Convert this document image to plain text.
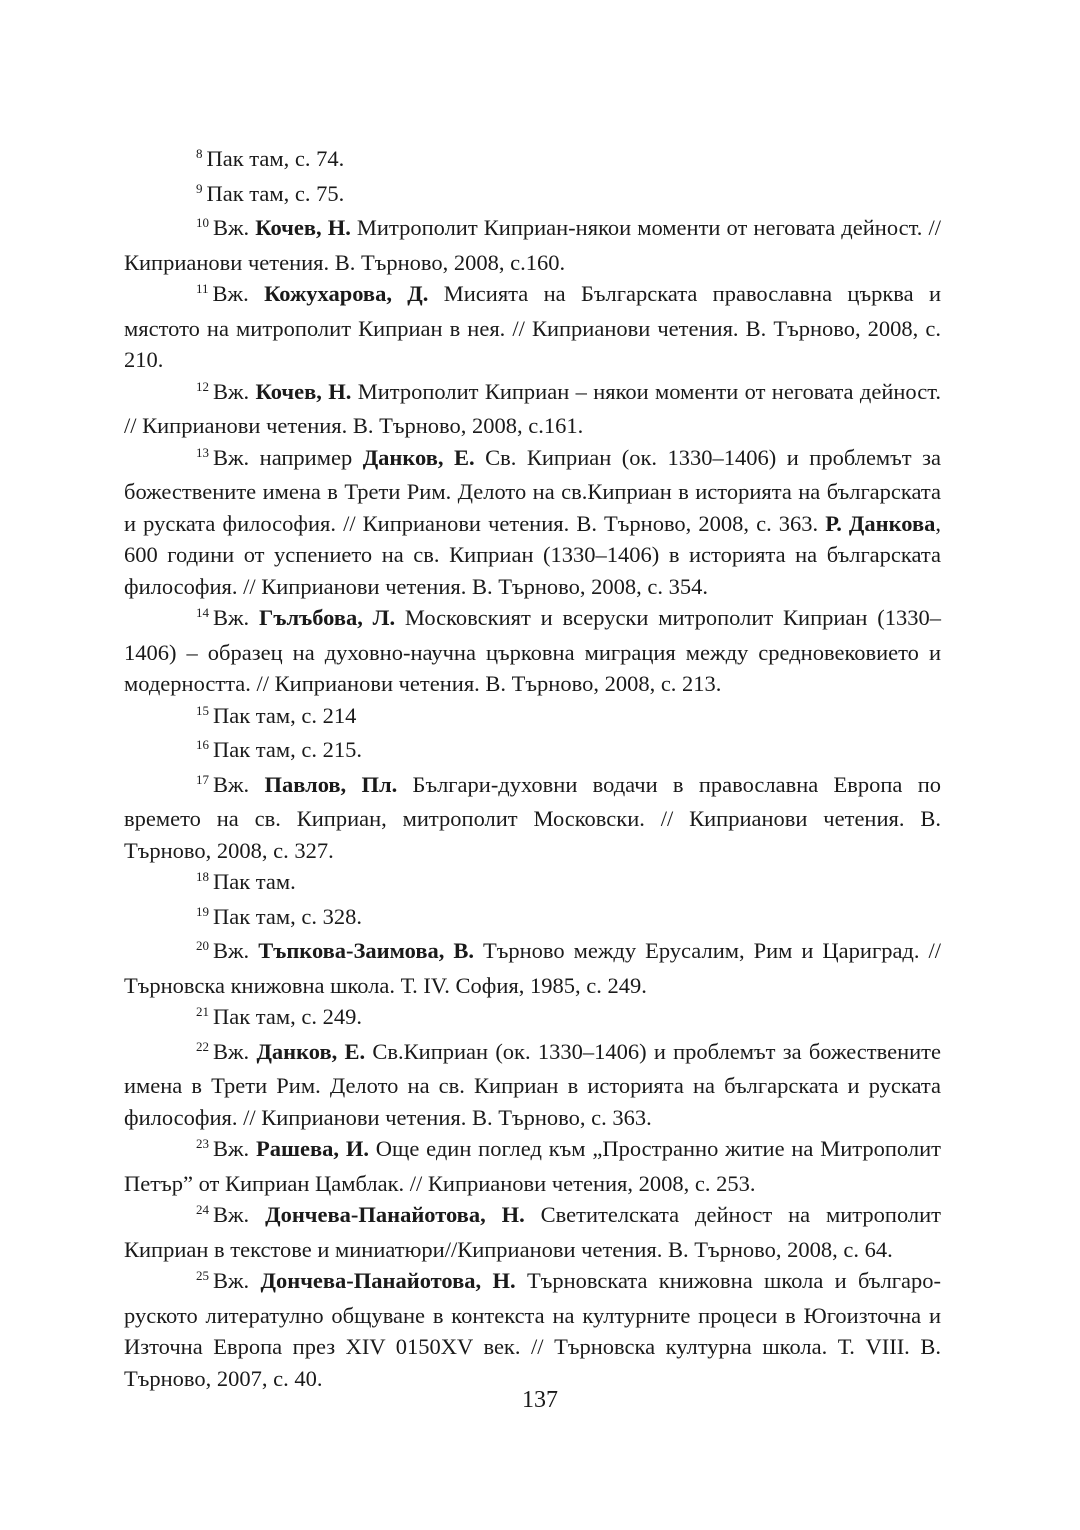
$^8$ Пак там, с. 74.

$^9$ Пак там, с. 75.

$^{10}$ Вж. Кочев, Н. Митрополит Киприан-някои моменти от неговата дейност. // Киприанови четения. В. Търново, 2008, с.160.

$^{11}$ Вж. Кожухарова, Д. Мисията на Българската православна църква и мястото на митрополит Киприан в нея. // Киприанови четения. В. Търново, 2008, с. 210.

$^{12}$ Вж. Кочев, Н. Митрополит Киприан – някои моменти от неговата дейност. // Киприанови четения. В. Търново, 2008, с.161.

$^{13}$ Вж. например Данков, Е. Св. Киприан (ок. 1330–1406) и проблемът за божествените имена в Трети Рим. Делото на св.Киприан в историята на българската и руската философия. // Киприанови четения. В. Търново, 2008, с. 363. Р. Данкова, 600 години от успението на св. Киприан (1330–1406) в историята на българската философия. // Киприанови четения. В. Търново, 2008, с. 354.

$^{14}$ Вж. Гълъбова, Л. Московският и всеруски митрополит Киприан (1330–1406) – образец на духовно-научна църковна миграция между средновековието и модерността. // Киприанови четения. В. Търново, 2008, с. 213.

$^{15}$ Пак там, с. 214

$^{16}$ Пак там, с. 215.

$^{17}$ Вж. Павлов, Пл. Българи-духовни водачи в православна Европа по времето на св. Киприан, митрополит Московски. // Киприанови четения. В. Търново, 2008, с. 327.

$^{18}$ Пак там.

$^{19}$ Пак там, с. 328.

$^{20}$ Вж. Тъпкова-Заимова, В. Търново между Ерусалим, Рим и Цариград. // Търновска книжовна школа. Т. IV. София, 1985, с. 249.

$^{21}$ Пак там, с. 249.

$^{22}$ Вж. Данков, Е. Св.Киприан (ок. 1330–1406) и проблемът за божествените имена в Трети Рим. Делото на св. Киприан в историята на българската и руската философия. // Киприанови четения. В. Търново, с. 363.

$^{23}$ Вж. Рашева, И. Още един поглед към „Пространно житие на Митрополит Петър” от Киприан Цамблак. // Киприанови четения, 2008, с. 253.

$^{24}$ Вж. Дончева-Панайотова, Н. Светителската дейност на митрополит Киприан в текстове и миниатюри//Киприанови четения. В. Търново, 2008, с. 64.

$^{25}$ Вж. Дончева-Панайотова, Н. Търновската книжовна школа и българо-руското литератулно общуване в контекста на културните процеси в Югоизточна и Източна Европа през XIV 0150XV век. // Търновска културна школа. Т. VIII. В. Търново, 2007, с. 40.

137
